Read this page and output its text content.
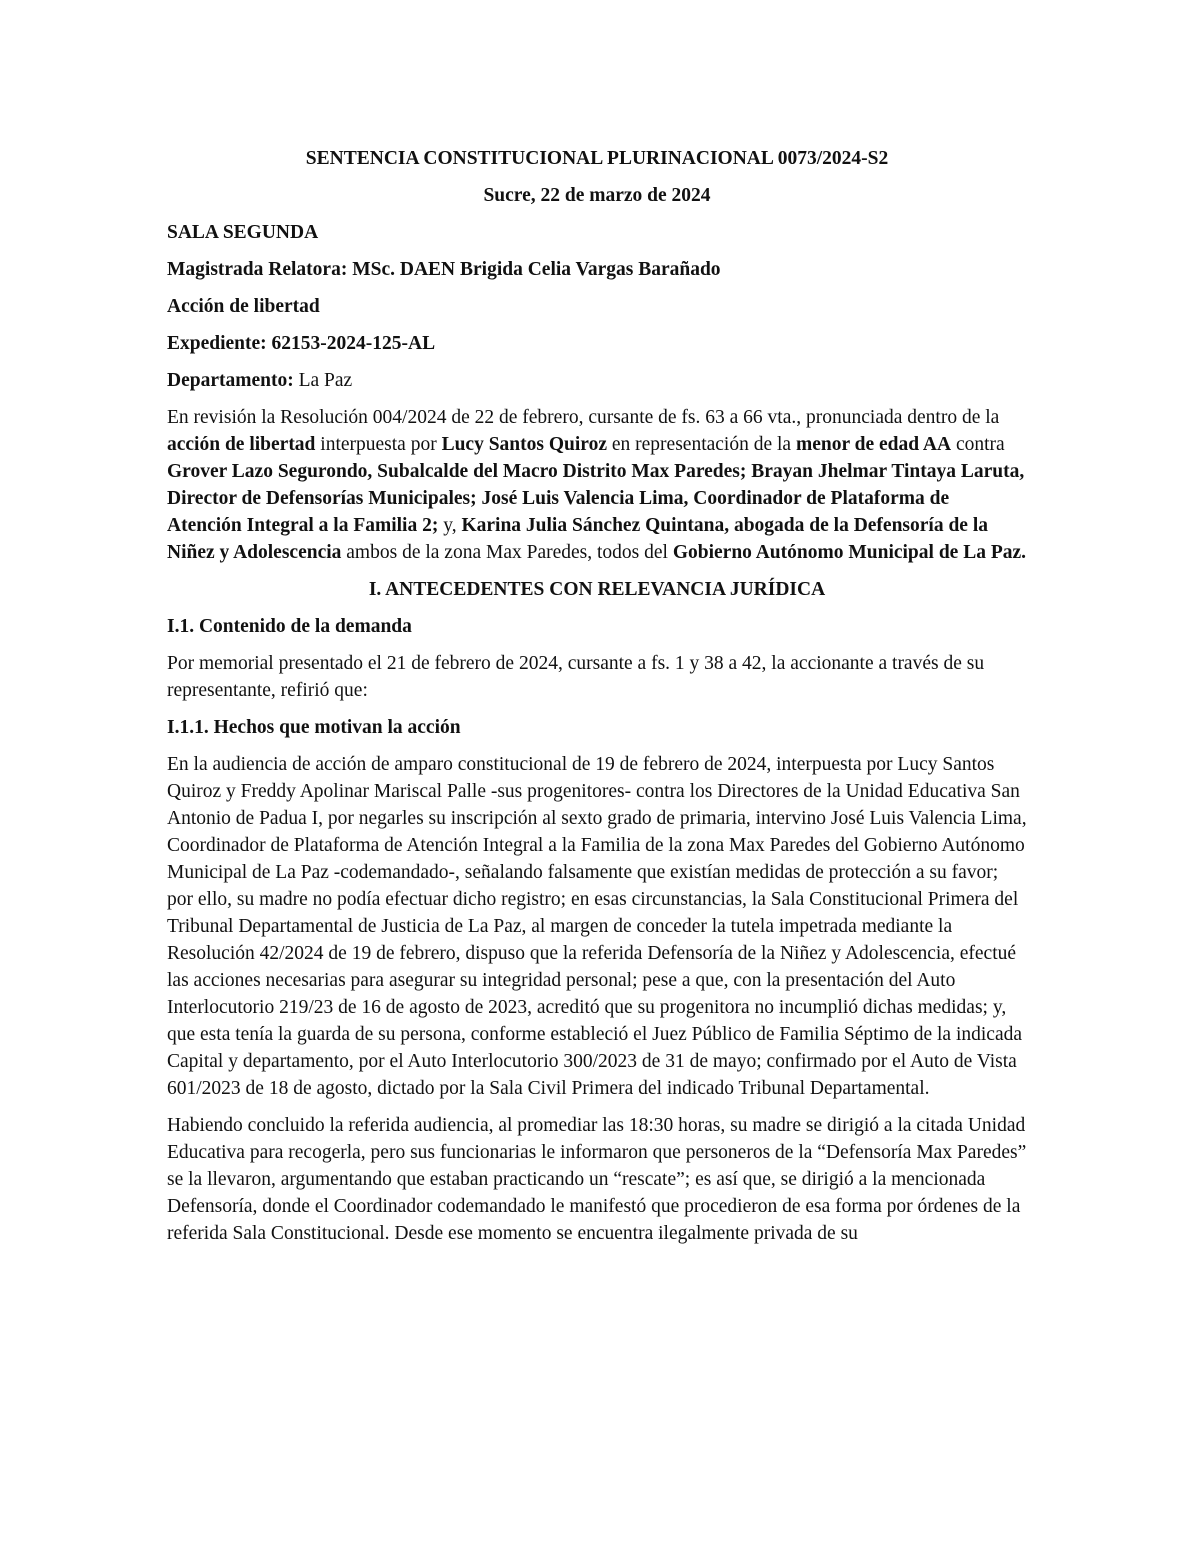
SENTENCIA CONSTITUCIONAL PLURINACIONAL 0073/2024-S2
Sucre, 22 de marzo de 2024
SALA SEGUNDA
Magistrada Relatora: MSc. DAEN Brigida Celia Vargas Barañado
Acción de libertad
Expediente: 62153-2024-125-AL
Departamento: La Paz

En revisión la Resolución 004/2024 de 22 de febrero, cursante de fs. 63 a 66 vta., pronunciada dentro de la acción de libertad interpuesta por Lucy Santos Quiroz en representación de la menor de edad AA contra Grover Lazo Segurondo, Subalcalde del Macro Distrito Max Paredes; Brayan Jhelmar Tintaya Laruta, Director de Defensorías Municipales; José Luis Valencia Lima, Coordinador de Plataforma de Atención Integral a la Familia 2; y, Karina Julia Sánchez Quintana, abogada de la Defensoría de la Niñez y Adolescencia ambos de la zona Max Paredes, todos del Gobierno Autónomo Municipal de La Paz.

I. ANTECEDENTES CON RELEVANCIA JURÍDICA
I.1. Contenido de la demanda

Por memorial presentado el 21 de febrero de 2024, cursante a fs. 1 y 38 a 42, la accionante a través de su representante, refirió que:

I.1.1. Hechos que motivan la acción

En la audiencia de acción de amparo constitucional de 19 de febrero de 2024, interpuesta por Lucy Santos Quiroz y Freddy Apolinar Mariscal Palle -sus progenitores- contra los Directores de la Unidad Educativa San Antonio de Padua I, por negarles su inscripción al sexto grado de primaria, intervino José Luis Valencia Lima, Coordinador de Plataforma de Atención Integral a la Familia de la zona Max Paredes del Gobierno Autónomo Municipal de La Paz -codemandado-, señalando falsamente que existían medidas de protección a su favor; por ello, su madre no podía efectuar dicho registro; en esas circunstancias, la Sala Constitucional Primera del Tribunal Departamental de Justicia de La Paz, al margen de conceder la tutela impetrada mediante la Resolución 42/2024 de 19 de febrero, dispuso que la referida Defensoría de la Niñez y Adolescencia, efectué las acciones necesarias para asegurar su integridad personal; pese a que, con la presentación del Auto Interlocutorio 219/23 de 16 de agosto de 2023, acreditó que su progenitora no incumplió dichas medidas; y, que esta tenía la guarda de su persona, conforme estableció el Juez Público de Familia Séptimo de la indicada Capital y departamento, por el Auto Interlocutorio 300/2023 de 31 de mayo; confirmado por el Auto de Vista 601/2023 de 18 de agosto, dictado por la Sala Civil Primera del indicado Tribunal Departamental.

Habiendo concluido la referida audiencia, al promediar las 18:30 horas, su madre se dirigió a la citada Unidad Educativa para recogerla, pero sus funcionarias le informaron que personeros de la “Defensoría Max Paredes” se la llevaron, argumentando que estaban practicando un “rescate”; es así que, se dirigió a la mencionada Defensoría, donde el Coordinador codemandado le manifestó que procedieron de esa forma por órdenes de la referida Sala Constitucional. Desde ese momento se encuentra ilegalmente privada de su
